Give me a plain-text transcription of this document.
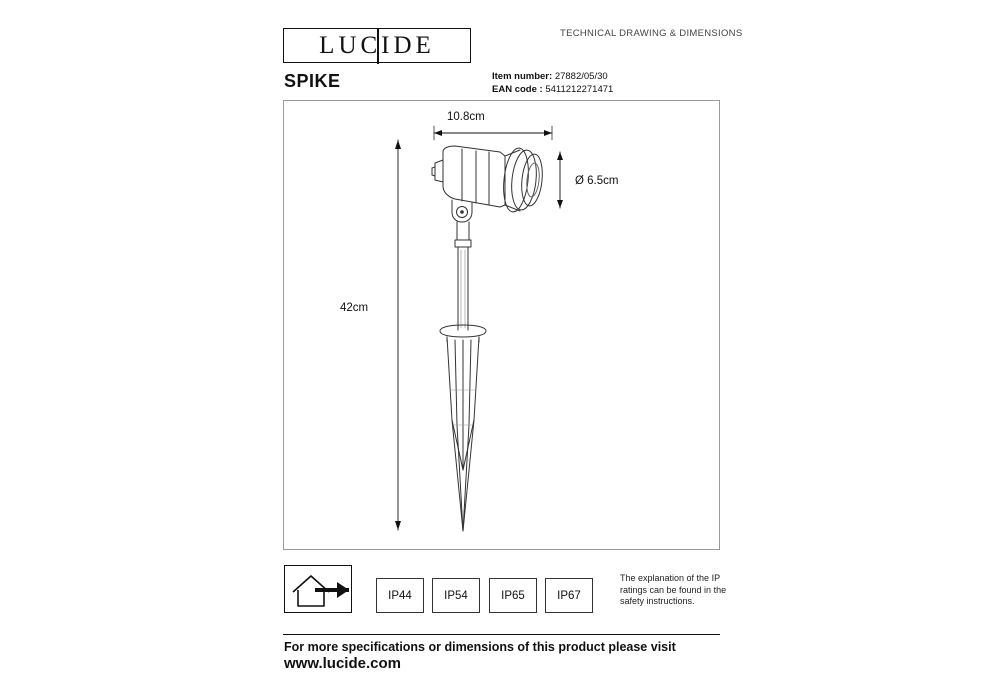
LUCIDE	TECHNICAL DRAWING & DIMENSIONS
SPIKE	Item number: 27882/05/30
EAN code : 5411212271471
10.8cm
Ø 6.5cm
42cm
IP44	IP54	IP65	IP67
The explanation of the IP ratings can be found in the safety instructions.
For more specifications or dimensions of this product please visit
www.lucide.com
